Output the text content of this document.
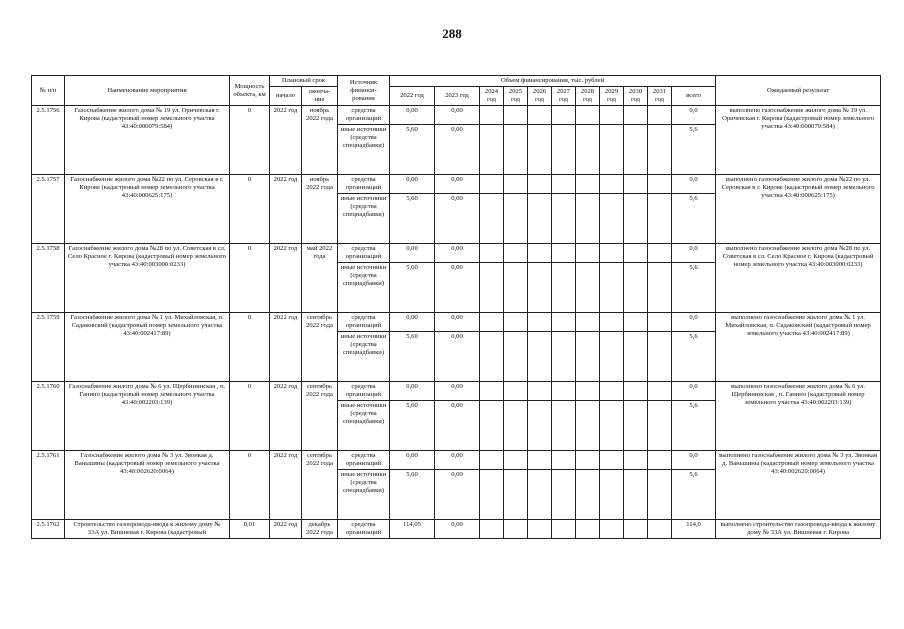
288
№ п/п	Наименование мероприятия	Мощность объекта, км	Плановый срок		Источник финанси-рования	Объем финансирования, тыс. рублей											Ожидаемый результат
			начало	оконча-ние		2022 год	2023 год	2024 год	2025 год	2026 год	2027 год	2028 год	2029 год	2030 год	2031 год	всего	

2.5.1756	Газоснабжение жилого дома № 19 ул. Оричевская г. Кирова (кадастровый номер земельного участка 43:40:000079:584)	0	2022 год	ноябрь 2022 года	средства организаций	0,00	0,00									0,0	выполнено газоснабжение жилого дома № 19 ул. Оричевская г. Кирова (кадастровый номер земельного участка 43:40:000079:584)
					иные источники (средства спецнадбавки)	5,60	0,00									5,6	
2.5.1757	Газоснабжение жилого дома №22 по ул. Серовская в г. Кирове (кадастровый номер земельного участка 43:40:000625:175)	0	2022 год	ноябрь 2022 года	средства организаций	0,00	0,00									0,0	выполнено газоснабжение жилого дома №22 по ул. Серовская в г. Кирове (кадастровый номер земельного участка 43:40:000625:175)
					иные источники (средства спецнадбавки)	5,60	0,00									5,6	
2.5.1758	Газоснабжение жилого дома №28 по ул. Советская в сл. Село Красное г. Кирова (кадастровый номер земельного участка 43:40:003000:0233)	0	2022 год	май 2022 года	средства организаций	0,00	0,00									0,0	выполнено газоснабжение жилого дома №28 по ул. Советская в сл. Село Красное г. Кирова (кадастровый номер земельного участка 43:40:003000:0233)
					иные источники (средства спецнадбавки)	5,60	0,00									5,6	
2.5.1759	Газоснабжение жилого дома № 1 ул. Михайловская, п. Садаковский (кадастровый номер земельного участка 43:40:002417:89)	0	2022 год	сентябрь 2022 года	средства организаций	0,00	0,00									0,0	выполнено газоснабжение жилого дома № 1 ул. Михайловская, п. Садаковский (кадастровый номер земельного участка 43:40:002417:89)
					иные источники (средства спецнадбавки)	5,60	0,00									5,6	
2.5.1760	Газоснабжение жилого дома № 6 ул. Щербининская , п. Ганино (кадастровый номер земельного участка 43:40:002203:139)	0	2022 год	сентябрь 2022 года	средства организаций	0,00	0,00									0,0	выполнено газоснабжение жилого дома № 6 ул. Щербининская , п. Ганино (кадастровый номер земельного участка 43:40:002203:139)
					иные источники (средства спецнадбавки)	5,60	0,00									5,6	
2.5.1761	Газоснабжение жилого дома № 3 ул. Звонкая д. Ваньшины (кадастровый номер земельного участка 43:40:002620:0064)	0	2022 год	сентябрь 2022 года	средства организаций	0,00	0,00									0,0	выполнено газоснабжение жилого дома № 3 ул. Звонкая д. Ваньшины (кадастровый номер земельного участка 43:40:002620:0064)
					иные источники (средства спецнадбавки)	5,60	0,00									5,6	
2.5.1762	Строительство газопровода-ввода к жилому дому № 33А ул. Вишневая г. Кирова (кадастровый	0,01	2022 год	декабрь 2022 года	средства организаций	114,05	0,00									114,0	выполнено строительство газопровода-ввода к жилому дому № 33А ул. Вишневая г. Кирова
